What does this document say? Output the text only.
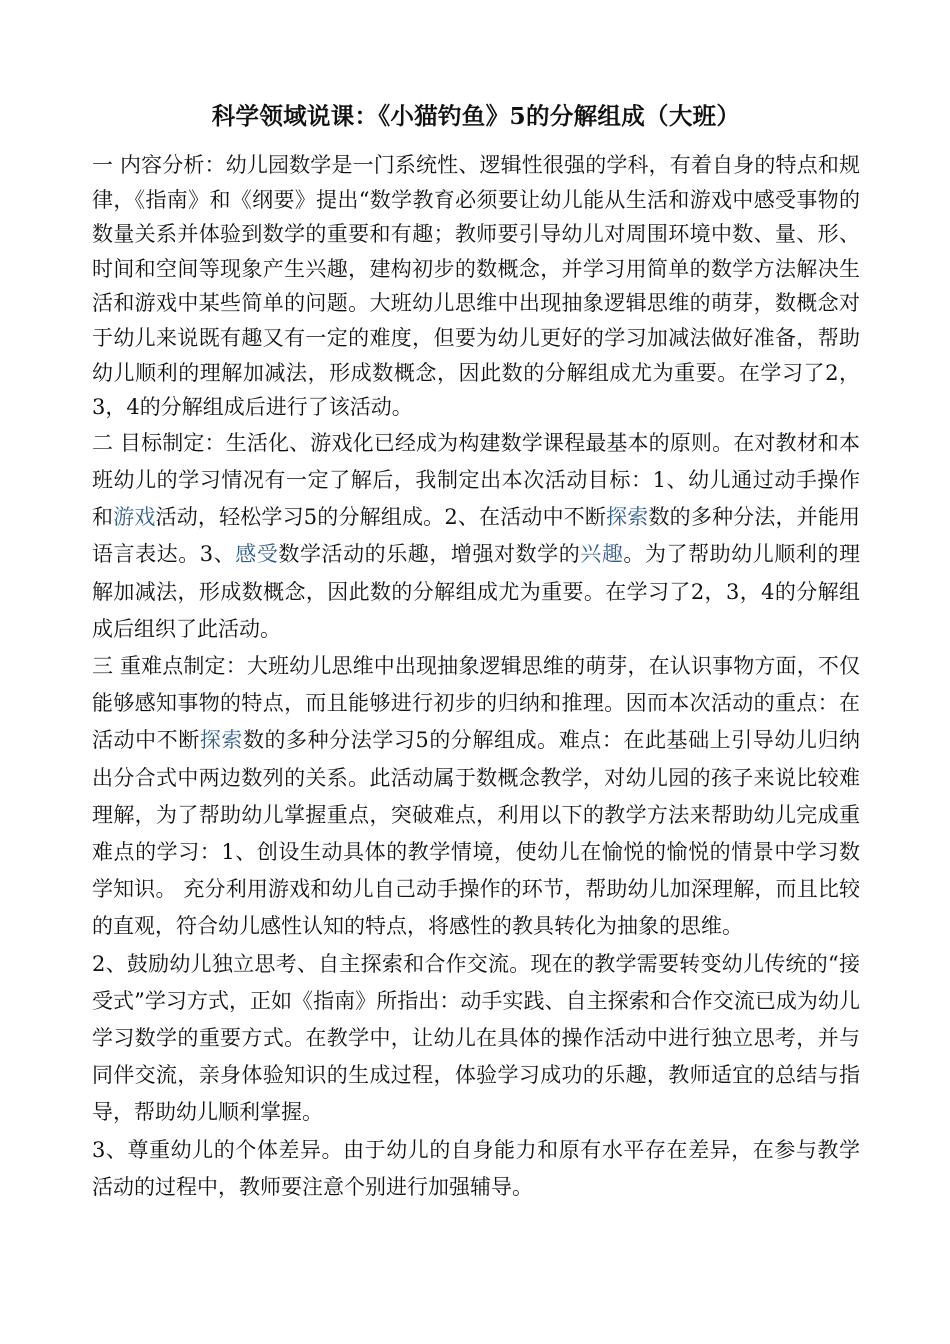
科学领域说课：《小猫钓鱼》5的分解组成（大班）

一 内容分析：幼儿园数学是一门系统性、逻辑性很强的学科，有着自身的特点和规律，《指南》和《纲要》提出“数学教育必须要让幼儿能从生活和游戏中感受事物的数量关系并体验到数学的重要和有趣；教师要引导幼儿对周围环境中数、量、形、时间和空间等现象产生兴趣，建构初步的数概念，并学习用简单的数学方法解决生活和游戏中某些简单的问题。大班幼儿思维中出现抽象逻辑思维的萌芽，数概念对于幼儿来说既有趣又有一定的难度，但要为幼儿更好的学习加减法做好准备，帮助幼儿顺利的理解加减法，形成数概念，因此数的分解组成尤为重要。在学习了2，3，4的分解组成后进行了该活动。

二 目标制定：生活化、游戏化已经成为构建数学课程最基本的原则。在对教材和本班幼儿的学习情况有一定了解后，我制定出本次活动目标：1、幼儿通过动手操作和游戏活动，轻松学习5的分解组成。2、在活动中不断探索数的多种分法，并能用语言表达。3、感受数学活动的乐趣，增强对数学的兴趣。为了帮助幼儿顺利的理解加减法，形成数概念，因此数的分解组成尤为重要。在学习了2，3，4的分解组成后组织了此活动。

三 重难点制定：大班幼儿思维中出现抽象逻辑思维的萌芽，在认识事物方面，不仅能够感知事物的特点，而且能够进行初步的归纳和推理。因而本次活动的重点：在活动中不断探索数的多种分法学习5的分解组成。难点：在此基础上引导幼儿归纳出分合式中两边数列的关系。此活动属于数概念教学，对幼儿园的孩子来说比较难理解，为了帮助幼儿掌握重点，突破难点，利用以下的教学方法来帮助幼儿完成重难点的学习：1、创设生动具体的教学情境，使幼儿在愉悦的愉悦的情景中学习数学知识。 充分利用游戏和幼儿自己动手操作的环节，帮助幼儿加深理解，而且比较的直观，符合幼儿感性认知的特点，将感性的教具转化为抽象的思维。

2、鼓励幼儿独立思考、自主探索和合作交流。现在的教学需要转变幼儿传统的“接受式”学习方式，正如《指南》所指出：动手实践、自主探索和合作交流已成为幼儿学习数学的重要方式。在教学中，让幼儿在具体的操作活动中进行独立思考，并与同伴交流，亲身体验知识的生成过程，体验学习成功的乐趣，教师适宜的总结与指导，帮助幼儿顺利掌握。

3、尊重幼儿的个体差异。由于幼儿的自身能力和原有水平存在差异，在参与教学活动的过程中，教师要注意个别进行加强辅导。
